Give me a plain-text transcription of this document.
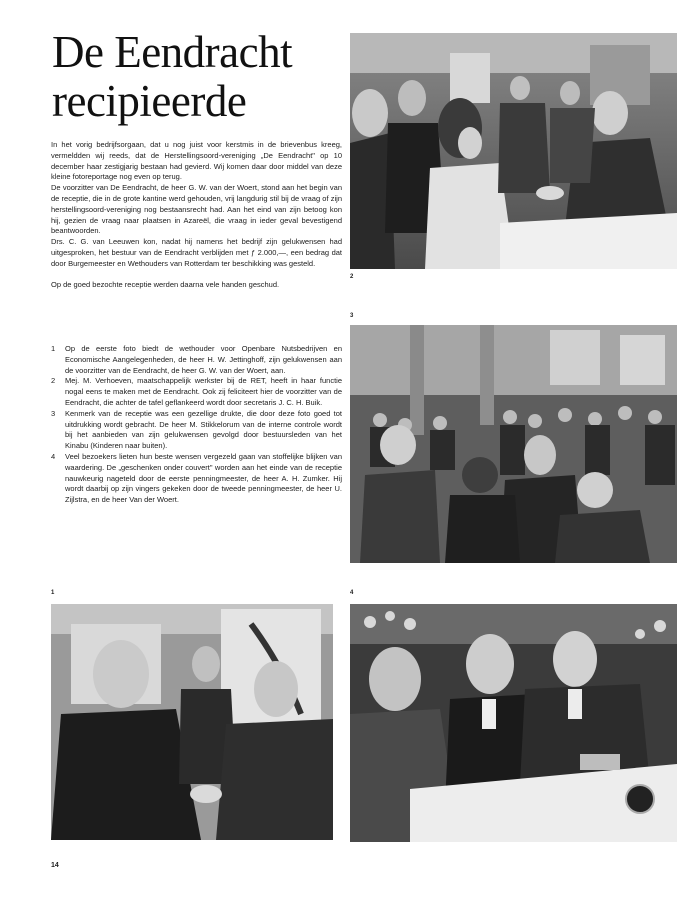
De Eendracht
recipieerde

In het vorig bedrijfsorgaan, dat u nog juist voor kerstmis in de brievenbus kreeg, vermeldden wij reeds, dat de Herstellingsoord-vereniging „De Eendracht" op 10 december haar zestigjarig bestaan had gevierd. Wij komen daar door middel van deze kleine fotoreportage nog even op terug.

De voorzitter van De Eendracht, de heer G. W. van der Woert, stond aan het begin van de receptie, die in de grote kantine werd gehouden, vrij langdurig stil bij de vraag of zijn herstellingsoord-vereniging nog bestaansrecht had. Aan het eind van zijn betoog kon hij, gezien de vraag naar plaatsen in Azareël, die vraag in ieder geval bevestigend beantwoorden.

Drs. C. G. van Leeuwen kon, nadat hij namens het bedrijf zijn gelukwensen had uitgesproken, het bestuur van de Eendracht verblijden met ƒ 2.000,—, een bedrag dat door Burgemeester en Wethouders van Rotterdam ter beschikking was gesteld.

Op de goed bezochte receptie werden daarna vele handen geschud.

1	Op de eerste foto biedt de wethouder voor Openbare Nutsbedrijven en Economische Aangelegenheden, de heer H. W. Jettinghoff, zijn gelukwensen aan de voorzitter van de Eendracht, de heer G. W. van der Woert, aan.
2	Mej. M. Verhoeven, maatschappelijk werkster bij de RET, heeft in haar functie nogal eens te maken met de Eendracht. Ook zij feliciteert hier de voorzitter van de Eendracht, die achter de tafel geflankeerd wordt door secretaris J. C. H. Buik.
3	Kenmerk van de receptie was een gezellige drukte, die door deze foto goed tot uitdrukking wordt gebracht. De heer M. Stikkelorum van de interne controle wordt bij het aanbieden van zijn gelukwensen gevolgd door bestuursleden van het Kinabu (Kinderen naar buiten).
4	Veel bezoekers lieten hun beste wensen vergezeld gaan van stoffelijke blijken van waardering. De „geschenken onder couvert" worden aan het einde van de receptie nauwkeurig nageteld door de eerste penningmeester, de heer A. H. Zumker. Hij wordt daarbij op zijn vingers gekeken door de tweede penningmeester, de heer U. Zijlstra, en de heer Van der Woert.
2
3
1	4
14
